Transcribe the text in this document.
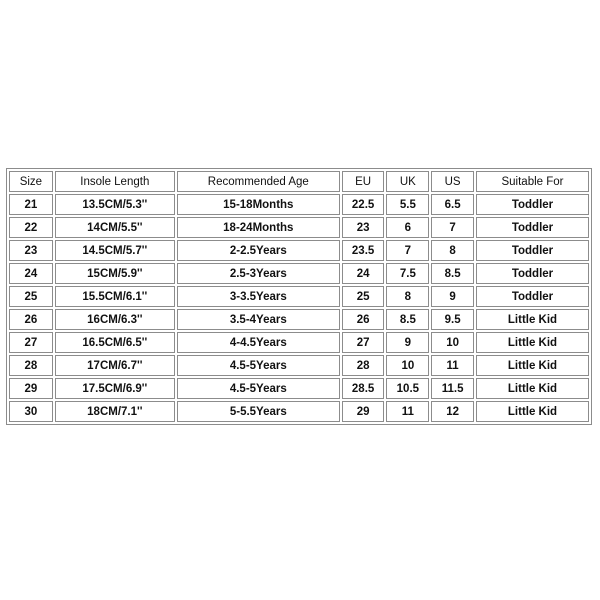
Size	Insole Length	Recommended Age	EU	UK	US	Suitable For
21	13.5CM/5.3''	15-18Months	22.5	5.5	6.5	Toddler
22	14CM/5.5''	18-24Months	23	6	7	Toddler
23	14.5CM/5.7''	2-2.5Years	23.5	7	8	Toddler
24	15CM/5.9''	2.5-3Years	24	7.5	8.5	Toddler
25	15.5CM/6.1''	3-3.5Years	25	8	9	Toddler
26	16CM/6.3''	3.5-4Years	26	8.5	9.5	Little Kid
27	16.5CM/6.5''	4-4.5Years	27	9	10	Little Kid
28	17CM/6.7''	4.5-5Years	28	10	11	Little Kid
29	17.5CM/6.9''	4.5-5Years	28.5	10.5	11.5	Little Kid
30	18CM/7.1''	5-5.5Years	29	11	12	Little Kid
